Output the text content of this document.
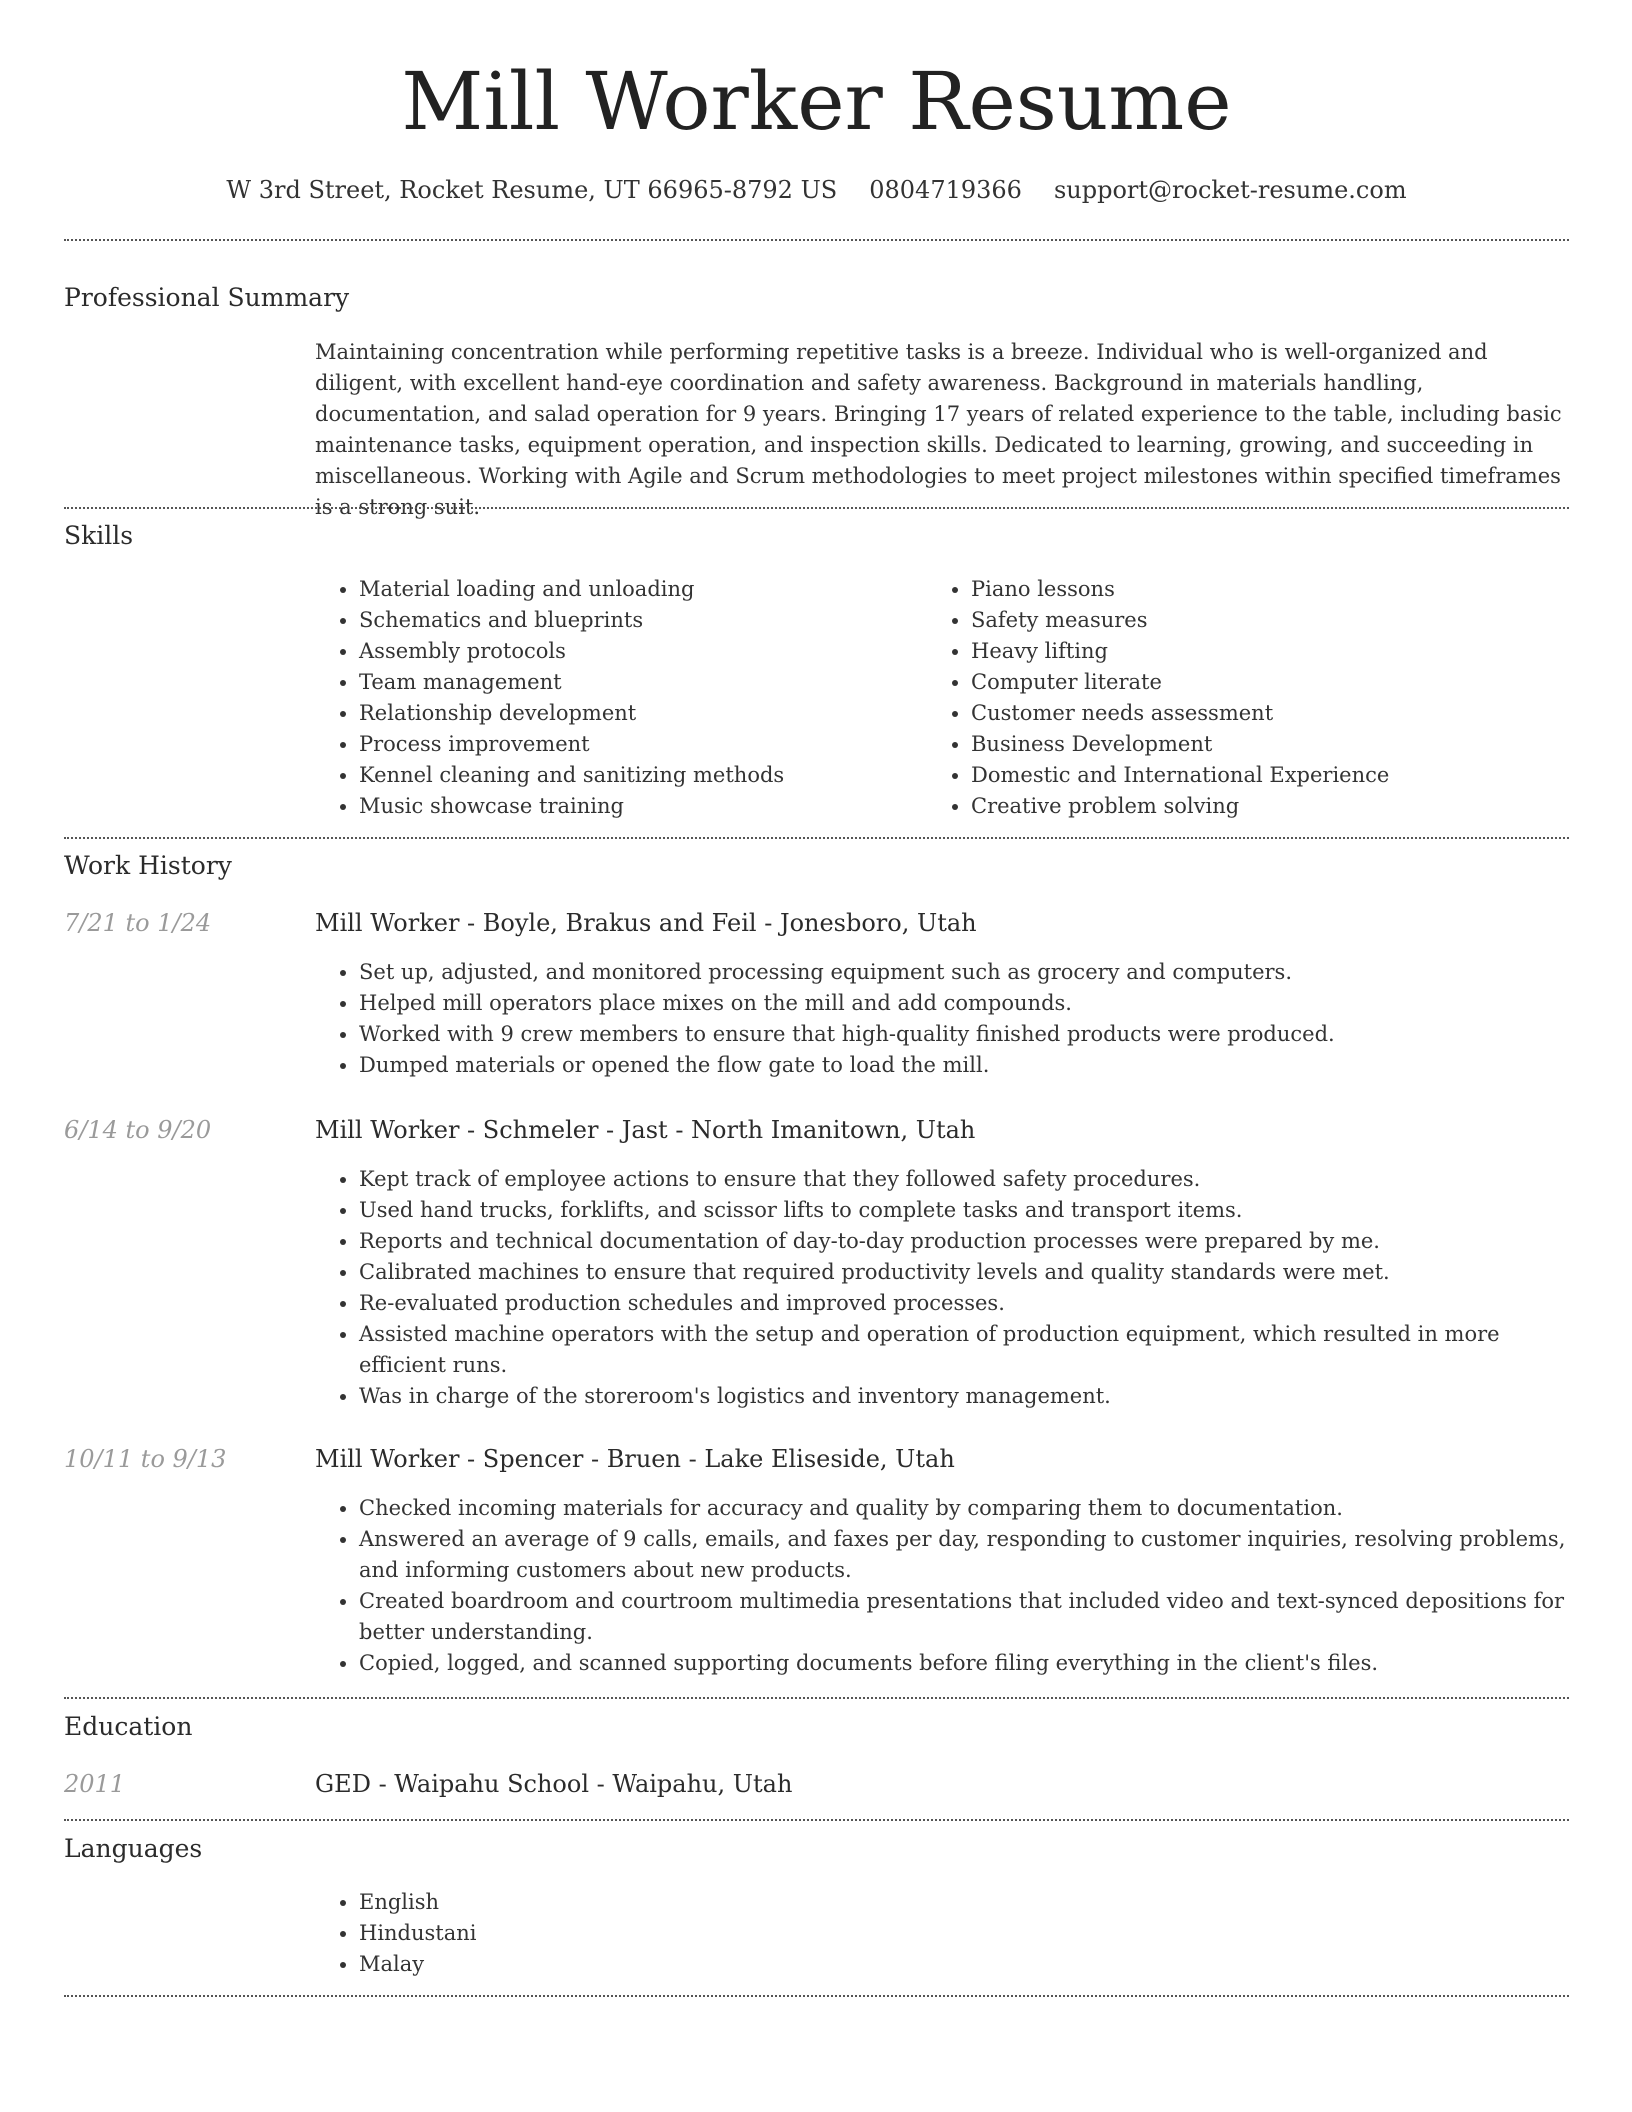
Mill Worker Resume
W 3rd Street, Rocket Resume, UT 66965-8792 US 0804719366 support@rocket-resume.com
Professional Summary

Maintaining concentration while performing repetitive tasks is a breeze. Individual who is well-organized and diligent, with excellent hand-eye coordination and safety awareness. Background in materials handling, documentation, and salad operation for 9 years. Bringing 17 years of related experience to the table, including basic maintenance tasks, equipment operation, and inspection skills. Dedicated to learning, growing, and succeeding in miscellaneous. Working with Agile and Scrum methodologies to meet project milestones within specified timeframes is a strong suit.

Skills
• Material loading and unloading
• Schematics and blueprints
• Assembly protocols
• Team management
• Relationship development
• Process improvement
• Kennel cleaning and sanitizing methods
• Music showcase training
• Piano lessons
• Safety measures
• Heavy lifting
• Computer literate
• Customer needs assessment
• Business Development
• Domestic and International Experience
• Creative problem solving
Work History
7/21 to 1/24	Mill Worker - Boyle, Brakus and Feil - Jonesboro, Utah
• Set up, adjusted, and monitored processing equipment such as grocery and computers.
• Helped mill operators place mixes on the mill and add compounds.
• Worked with 9 crew members to ensure that high-quality finished products were produced.
• Dumped materials or opened the flow gate to load the mill.
6/14 to 9/20	Mill Worker - Schmeler - Jast - North Imanitown, Utah
• Kept track of employee actions to ensure that they followed safety procedures.
• Used hand trucks, forklifts, and scissor lifts to complete tasks and transport items.
• Reports and technical documentation of day-to-day production processes were prepared by me.
• Calibrated machines to ensure that required productivity levels and quality standards were met.
• Re-evaluated production schedules and improved processes.
• Assisted machine operators with the setup and operation of production equipment, which resulted in more efficient runs.
• Was in charge of the storeroom's logistics and inventory management.
10/11 to 9/13	Mill Worker - Spencer - Bruen - Lake Eliseside, Utah
• Checked incoming materials for accuracy and quality by comparing them to documentation.
• Answered an average of 9 calls, emails, and faxes per day, responding to customer inquiries, resolving problems, and informing customers about new products.
• Created boardroom and courtroom multimedia presentations that included video and text-synced depositions for better understanding.
• Copied, logged, and scanned supporting documents before filing everything in the client's files.
Education
2011	GED - Waipahu School - Waipahu, Utah
Languages
• English
• Hindustani
• Malay
